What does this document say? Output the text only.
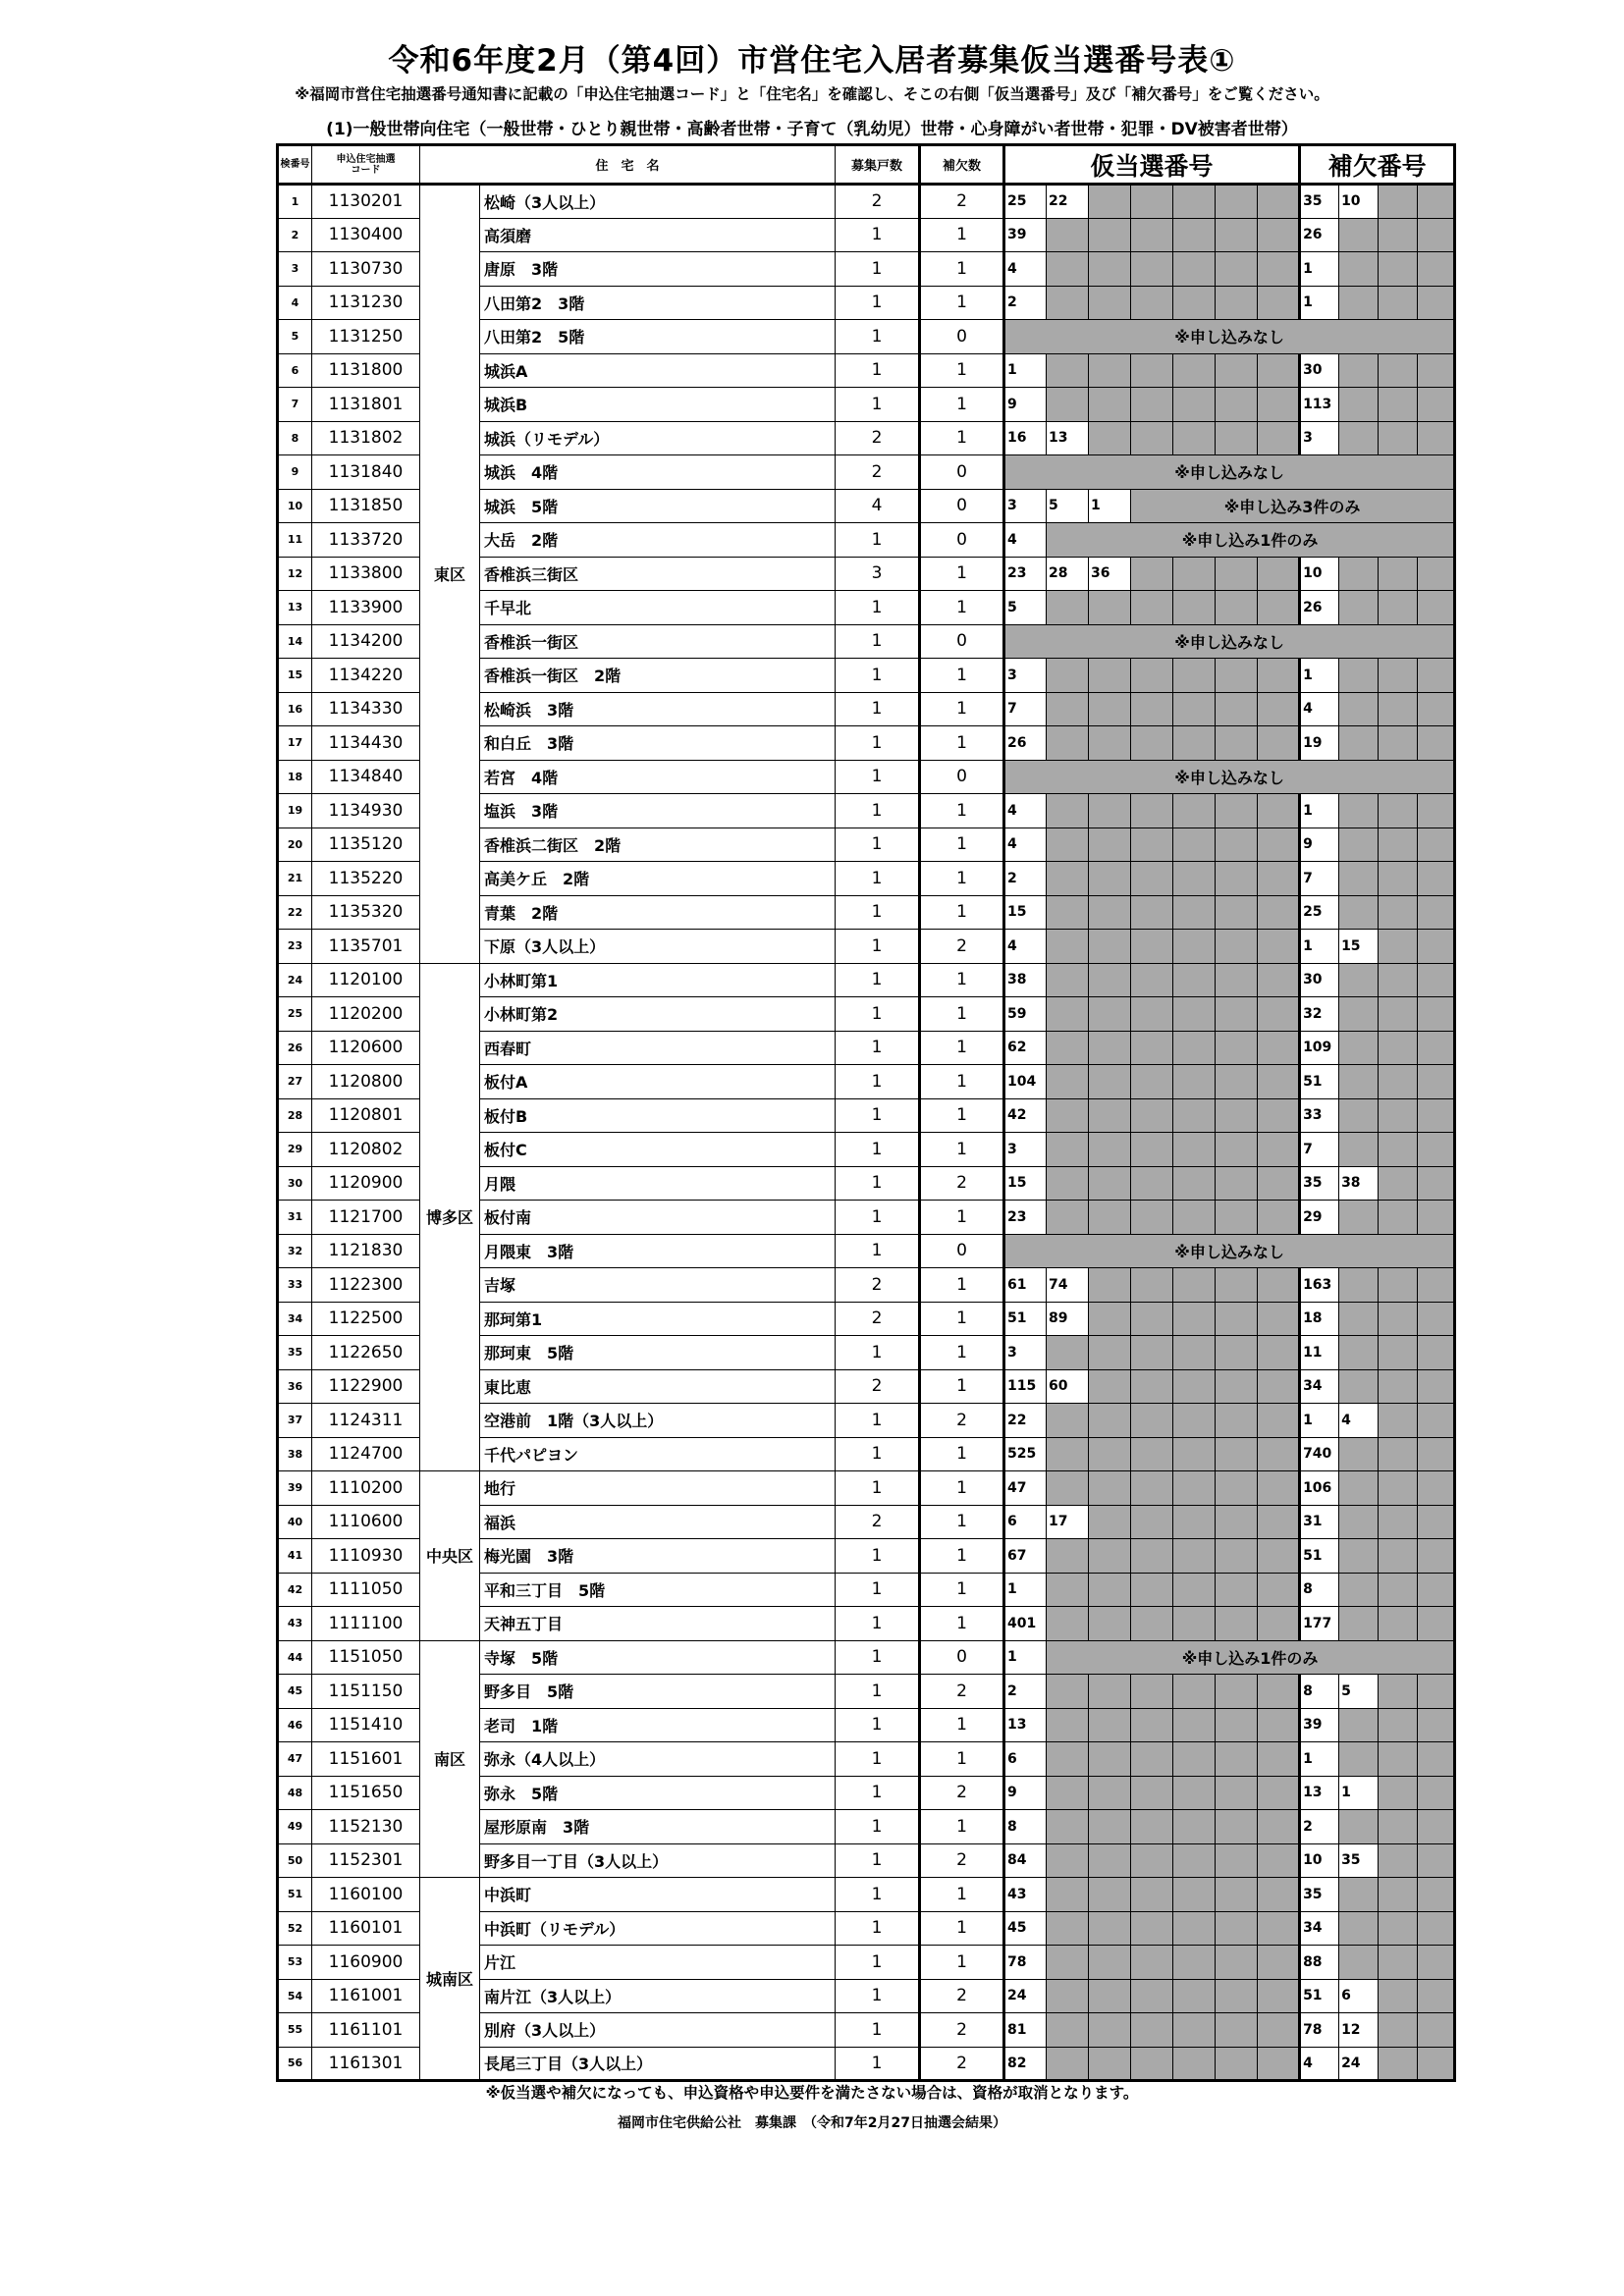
令和6年度2月（第4回）市営住宅入居者募集仮当選番号表①
※福岡市営住宅抽選番号通知書に記載の「申込住宅抽選コード」と「住宅名」を確認し、そこの右側「仮当選番号」及び「補欠番号」をご覧ください。
(1)一般世帯向住宅（一般世帯・ひとり親世帯・高齢者世帯・子育て（乳幼児）世帯・心身障がい者世帯・犯罪・DV被害者世帯）
検番号	申込住宅抽選コード	住　宅　名		募集戸数	補欠数	仮当選番号							補欠番号			
1	1130201	東区	松崎（3人以上）	2	2	25	22						35	10		
2	1130400		高須磨	1	1	39							26			
3	1130730		唐原　3階	1	1	4							1			
4	1131230		八田第2　3階	1	1	2							1			
5	1131250		八田第2　5階	1	0	※申し込みなし										
6	1131800		城浜A	1	1	1							30			
7	1131801		城浜B	1	1	9							113			
8	1131802		城浜（リモデル）	2	1	16	13						3			
9	1131840		城浜　4階	2	0	※申し込みなし										
10	1131850		城浜　5階	4	0	3	5	1	※申し込み3件のみ							
11	1133720		大岳　2階	1	0	4	※申し込み1件のみ									
12	1133800		香椎浜三街区	3	1	23	28	36					10			
13	1133900		千早北	1	1	5							26			
14	1134200		香椎浜一街区	1	0	※申し込みなし										
15	1134220		香椎浜一街区　2階	1	1	3							1			
16	1134330		松崎浜　3階	1	1	7							4			
17	1134430		和白丘　3階	1	1	26							19			
18	1134840		若宮　4階	1	0	※申し込みなし										
19	1134930		塩浜　3階	1	1	4							1			
20	1135120		香椎浜二街区　2階	1	1	4							9			
21	1135220		高美ケ丘　2階	1	1	2							7			
22	1135320		青葉　2階	1	1	15							25			
23	1135701		下原（3人以上）	1	2	4							1	15		
24	1120100	博多区	小林町第1	1	1	38							30			
25	1120200		小林町第2	1	1	59							32			
26	1120600		西春町	1	1	62							109			
27	1120800		板付A	1	1	104							51			
28	1120801		板付B	1	1	42							33			
29	1120802		板付C	1	1	3							7			
30	1120900		月隈	1	2	15							35	38		
31	1121700		板付南	1	1	23							29			
32	1121830		月隈東　3階	1	0	※申し込みなし										
33	1122300		吉塚	2	1	61	74						163			
34	1122500		那珂第1	2	1	51	89						18			
35	1122650		那珂東　5階	1	1	3							11			
36	1122900		東比恵	2	1	115	60						34			
37	1124311		空港前　1階（3人以上）	1	2	22							1	4		
38	1124700		千代パピヨン	1	1	525							740			
39	1110200	中央区	地行	1	1	47							106			
40	1110600		福浜	2	1	6	17						31			
41	1110930		梅光園　3階	1	1	67							51			
42	1111050		平和三丁目　5階	1	1	1							8			
43	1111100		天神五丁目	1	1	401							177			
44	1151050	南区	寺塚　5階	1	0	1	※申し込み1件のみ									
45	1151150		野多目　5階	1	2	2							8	5		
46	1151410		老司　1階	1	1	13							39			
47	1151601		弥永（4人以上）	1	1	6							1			
48	1151650		弥永　5階	1	2	9							13	1		
49	1152130		屋形原南　3階	1	1	8							2			
50	1152301		野多目一丁目（3人以上）	1	2	84							10	35		
51	1160100	城南区	中浜町	1	1	43							35			
52	1160101		中浜町（リモデル）	1	1	45							34			
53	1160900		片江	1	1	78							88			
54	1161001		南片江（3人以上）	1	2	24							51	6		
55	1161101		別府（3人以上）	1	2	81							78	12		
56	1161301		長尾三丁目（3人以上）	1	2	82							4	24		
※仮当選や補欠になっても、申込資格や申込要件を満たさない場合は、資格が取消となります。
福岡市住宅供給公社　募集課　（令和7年2月27日抽選会結果）
